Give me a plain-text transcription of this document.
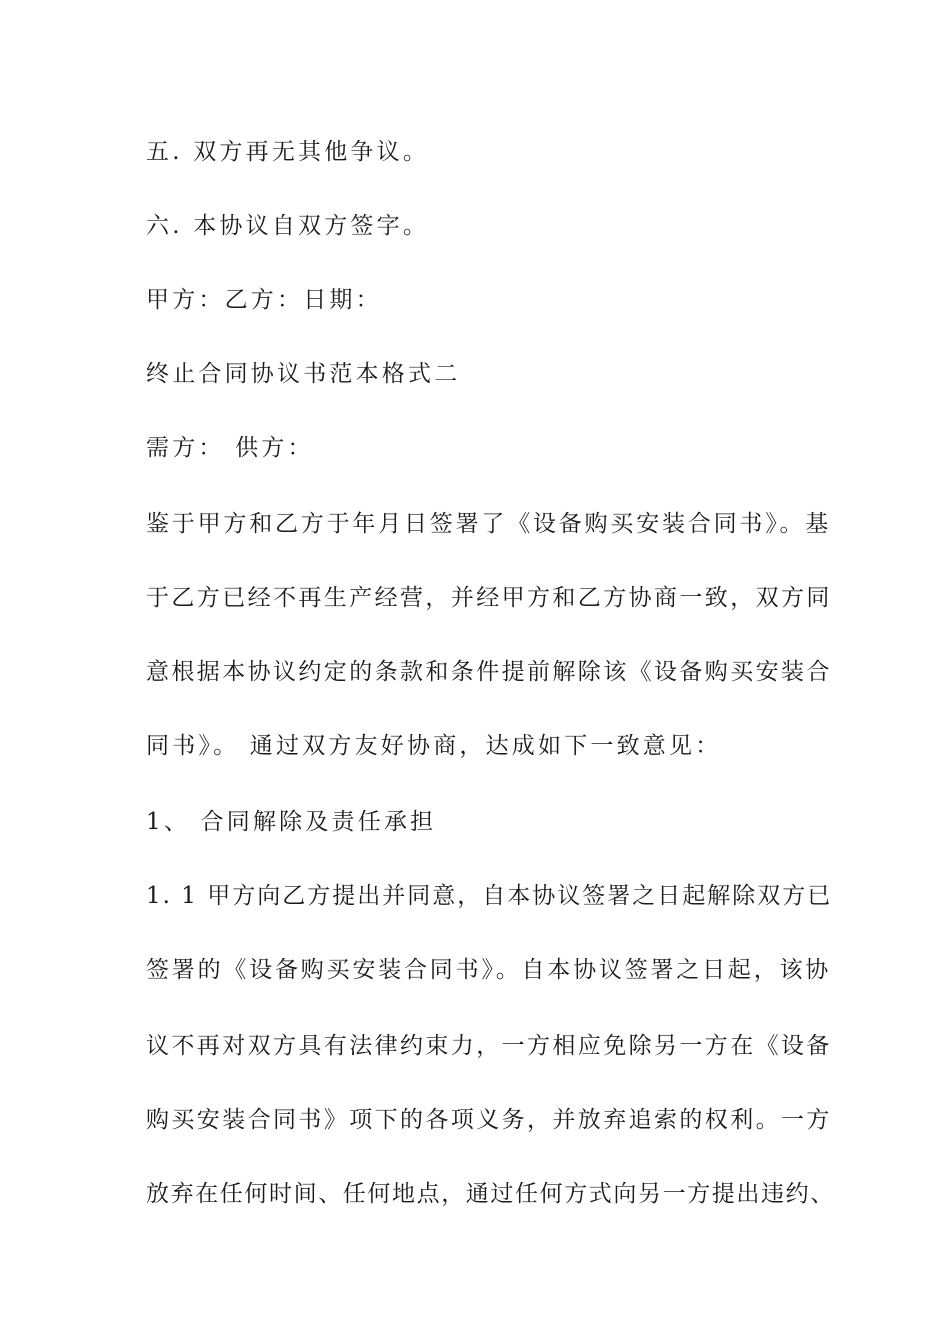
五. 双方再无其他争议。

六. 本协议自双方签字。

甲方：乙方：日期：

终止合同协议书范本格式二

需方： 供方：

鉴于甲方和乙方于年月日签署了《设备购买安装合同书》。基

于乙方已经不再生产经营，并经甲方和乙方协商一致，双方同

意根据本协议约定的条款和条件提前解除该《设备购买安装合

同书》。 通过双方友好协商，达成如下一致意见：

1、 合同解除及责任承担

1. 1 甲方向乙方提出并同意，自本协议签署之日起解除双方已

签署的《设备购买安装合同书》。自本协议签署之日起，该协

议不再对双方具有法律约束力，一方相应免除另一方在《设备

购买安装合同书》项下的各项义务，并放弃追索的权利。一方

放弃在任何时间、任何地点，通过任何方式向另一方提出违约、
